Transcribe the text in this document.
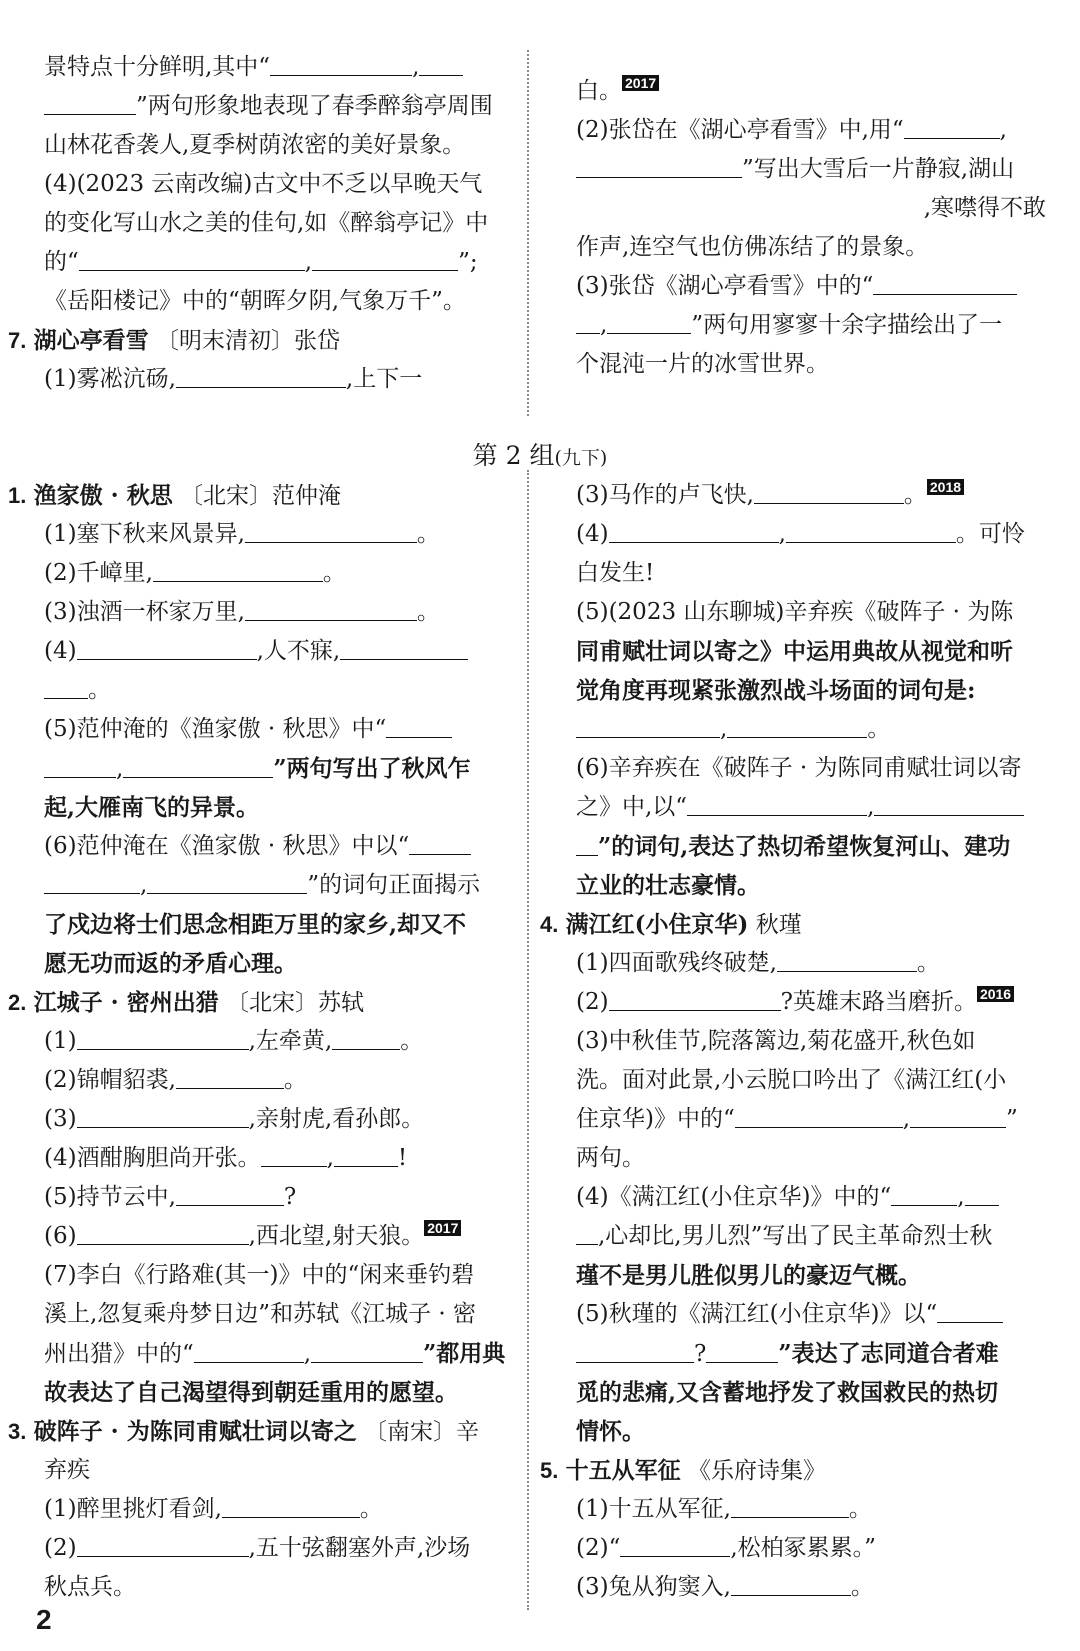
景特点十分鲜明,其中“	,
”两句形象地表现了春季醉翁亭周围
山林花香袭人,夏季树荫浓密的美好景象。
(4)(2023 云南改编)古文中不乏以早晚天气
的变化写山水之美的佳句,如《醉翁亭记》中
的“	,	”;
《岳阳楼记》中的“朝晖夕阴,气象万千”。
7. 湖心亭看雪 〔明末清初〕张岱
(1)雾凇沆砀,	,上下一
白。 2017
(2)张岱在《湖心亭看雪》中,用“	,
”写出大雪后一片静寂,湖山
,寒噤得不敢
作声,连空气也仿佛冻结了的景象。
(3)张岱《湖心亭看雪》中的“
,	”两句用寥寥十余字描绘出了一
个混沌一片的冰雪世界。
第 2 组(九下)
1. 渔家傲 · 秋思 〔北宋〕范仲淹
(1)塞下秋来风景异,	。
(2)千嶂里,	。
(3)浊酒一杯家万里,	。
(4)	,人不寐,
。
(5)范仲淹的《渔家傲 · 秋思》中“
,	”两句写出了秋风乍
起,大雁南飞的异景。
(6)范仲淹在《渔家傲 · 秋思》中以“
,	”的词句正面揭示
了戍边将士们思念相距万里的家乡,却又不
愿无功而返的矛盾心理。
2. 江城子 · 密州出猎 〔北宋〕苏轼
(1)	,左牵黄,	。
(2)锦帽貂裘,	。
(3)	,亲射虎,看孙郎。
(4)酒酣胸胆尚开张。	,	!
(5)持节云中,	?
(6)	,西北望,射天狼。 2017
(7)李白《行路难(其一)》中的“闲来垂钓碧
溪上,忽复乘舟梦日边”和苏轼《江城子 · 密
州出猎》中的“	,	”都用典
故表达了自己渴望得到朝廷重用的愿望。
3. 破阵子 · 为陈同甫赋壮词以寄之 〔南宋〕辛
弃疾
(1)醉里挑灯看剑,	。
(2)	,五十弦翻塞外声,沙场
秋点兵。
(3)马作的卢飞快,	。 2018
(4)	,	。可怜
白发生!
(5)(2023 山东聊城)辛弃疾《破阵子 · 为陈
同甫赋壮词以寄之》中运用典故从视觉和听
觉角度再现紧张激烈战斗场面的词句是:
,	。
(6)辛弃疾在《破阵子 · 为陈同甫赋壮词以寄
之》中,以“	,
”的词句,表达了热切希望恢复河山、建功
立业的壮志豪情。
4. 满江红(小住京华) 秋瑾
(1)四面歌残终破楚,	。
(2)	?英雄末路当磨折。 2016
(3)中秋佳节,院落篱边,菊花盛开,秋色如
洗。面对此景,小云脱口吟出了《满江红(小
住京华)》中的“	,	”
两句。
(4)《满江红(小住京华)》中的“	,
,心却比,男儿烈”写出了民主革命烈士秋
瑾不是男儿胜似男儿的豪迈气概。
(5)秋瑾的《满江红(小住京华)》以“
?	”表达了志同道合者难
觅的悲痛,又含蓄地抒发了救国救民的热切
情怀。
5. 十五从军征 《乐府诗集》
(1)十五从军征,	。
(2)“	,松柏冢累累。”
(3)兔从狗窦入,	。
2
